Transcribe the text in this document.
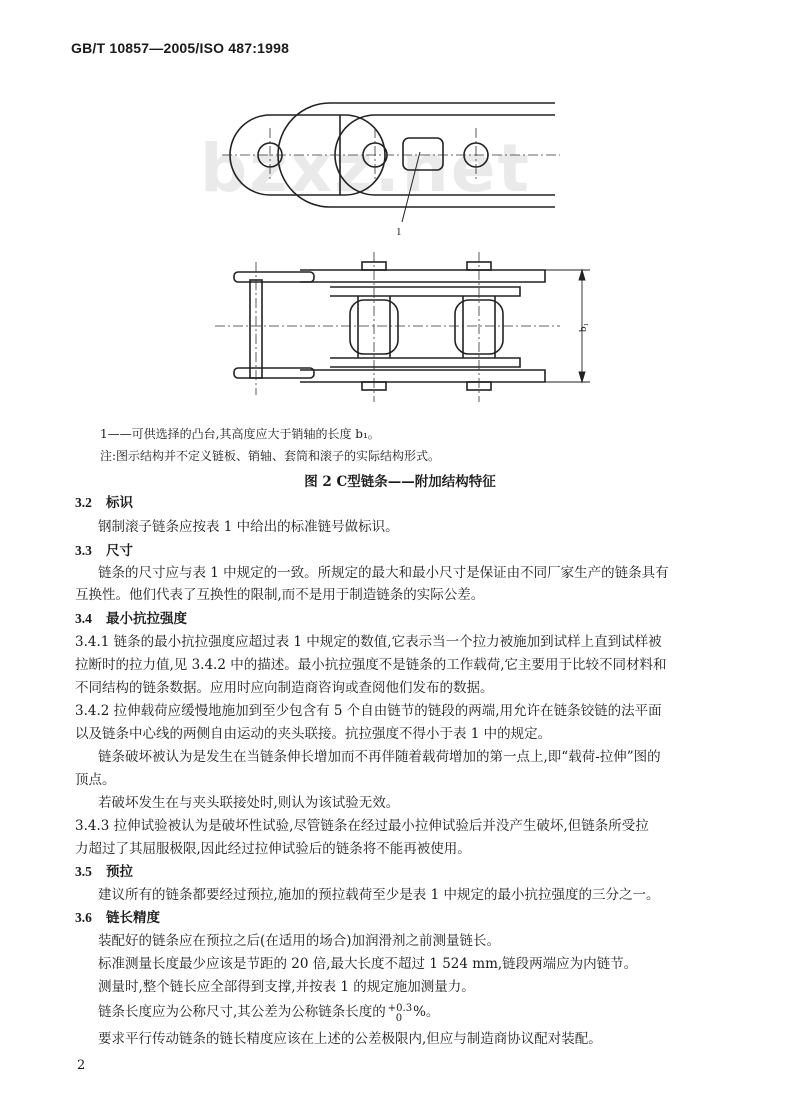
GB/T 10857—2005/ISO 487:1998
bzxz.net
1
b₁
1——可供选择的凸台,其高度应大于销轴的长度 b₁。
注:图示结构并不定义链板、销轴、套筒和滚子的实际结构形式。
图 2 C型链条——附加结构特征
3.2 标识
钢制滚子链条应按表 1 中给出的标准链号做标识。
3.3 尺寸
链条的尺寸应与表 1 中规定的一致。所规定的最大和最小尺寸是保证由不同厂家生产的链条具有
互换性。他们代表了互换性的限制,而不是用于制造链条的实际公差。
3.4 最小抗拉强度
3.4.1 链条的最小抗拉强度应超过表 1 中规定的数值,它表示当一个拉力被施加到试样上直到试样被
拉断时的拉力值,见 3.4.2 中的描述。最小抗拉强度不是链条的工作载荷,它主要用于比较不同材料和
不同结构的链条数据。应用时应向制造商咨询或查阅他们发布的数据。
3.4.2 拉伸载荷应缓慢地施加到至少包含有 5 个自由链节的链段的两端,用允许在链条铰链的法平面
以及链条中心线的两侧自由运动的夹头联接。抗拉强度不得小于表 1 中的规定。
链条破坏被认为是发生在当链条伸长增加而不再伴随着载荷增加的第一点上,即“载荷-拉伸”图的
顶点。
若破坏发生在与夹头联接处时,则认为该试验无效。
3.4.3 拉伸试验被认为是破坏性试验,尽管链条在经过最小拉伸试验后并没产生破坏,但链条所受拉
力超过了其屈服极限,因此经过拉伸试验后的链条将不能再被使用。
3.5 预拉
建议所有的链条都要经过预拉,施加的预拉载荷至少是表 1 中规定的最小抗拉强度的三分之一。
3.6 链长精度
装配好的链条应在预拉之后(在适用的场合)加润滑剂之前测量链长。
标准测量长度最少应该是节距的 20 倍,最大长度不超过 1 524 mm,链段两端应为内链节。
测量时,整个链长应全部得到支撑,并按表 1 的规定施加测量力。
链条长度应为公称尺寸,其公差为公称链条长度的 +0.3
0 %。
要求平行传动链条的链长精度应该在上述的公差极限内,但应与制造商协议配对装配。
2
